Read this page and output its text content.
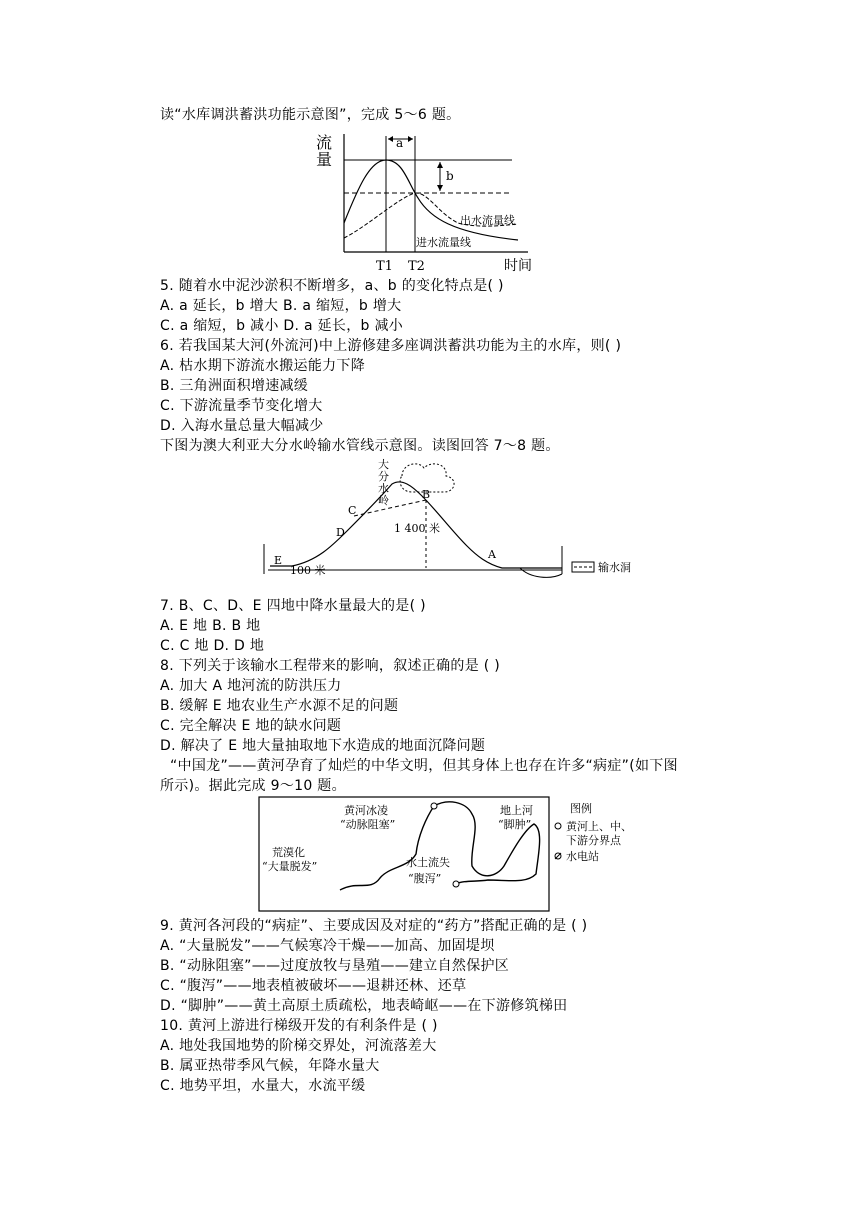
读“水库调洪蓄洪功能示意图”，完成 5～6 题。
流
量
a
b
出水流量线
进水流量线
T1 T2	时间
5. 随着水中泥沙淤积不断增多，a、b 的变化特点是( )
A. a 延长，b 增大 B. a 缩短，b 增大
C. a 缩短，b 减小 D. a 延长，b 减小
6. 若我国某大河(外流河)中上游修建多座调洪蓄洪功能为主的水库，则( )
A. 枯水期下游流水搬运能力下降
B. 三角洲面积增速减缓
C. 下游流量季节变化增大
D. 入海水量总量大幅减少
下图为澳大利亚大分水岭输水管线示意图。读图回答 7～8 题。
大
分
水
岭	B
C
D
E	A
1 400 米
100 米	输水洞
7. B、C、D、E 四地中降水量最大的是( )
A. E 地 B. B 地
C. C 地 D. D 地
8. 下列关于该输水工程带来的影响，叙述正确的是 ( )
A. 加大 A 地河流的防洪压力
B. 缓解 E 地农业生产水源不足的问题
C. 完全解决 E 地的缺水问题
D. 解决了 E 地大量抽取地下水造成的地面沉降问题
“中国龙”——黄河孕育了灿烂的中华文明，但其身体上也存在许多“病症”(如下图
所示)。据此完成 9～10 题。
黄河冰凌
“动脉阻塞”
荒漠化
“大量脱发”	水土流失
“腹泻”
地上河
“脚肿”
图例
黄河上、中、
下游分界点
水电站
9. 黄河各河段的“病症”、主要成因及对症的“药方”搭配正确的是 ( )
A. “大量脱发”——气候寒冷干燥——加高、加固堤坝
B. “动脉阻塞”——过度放牧与垦殖——建立自然保护区
C. “腹泻”——地表植被破坏——退耕还林、还草
D. “脚肿”——黄土高原土质疏松，地表崎岖——在下游修筑梯田
10. 黄河上游进行梯级开发的有利条件是 ( )
A. 地处我国地势的阶梯交界处，河流落差大
B. 属亚热带季风气候，年降水量大
C. 地势平坦，水量大，水流平缓
